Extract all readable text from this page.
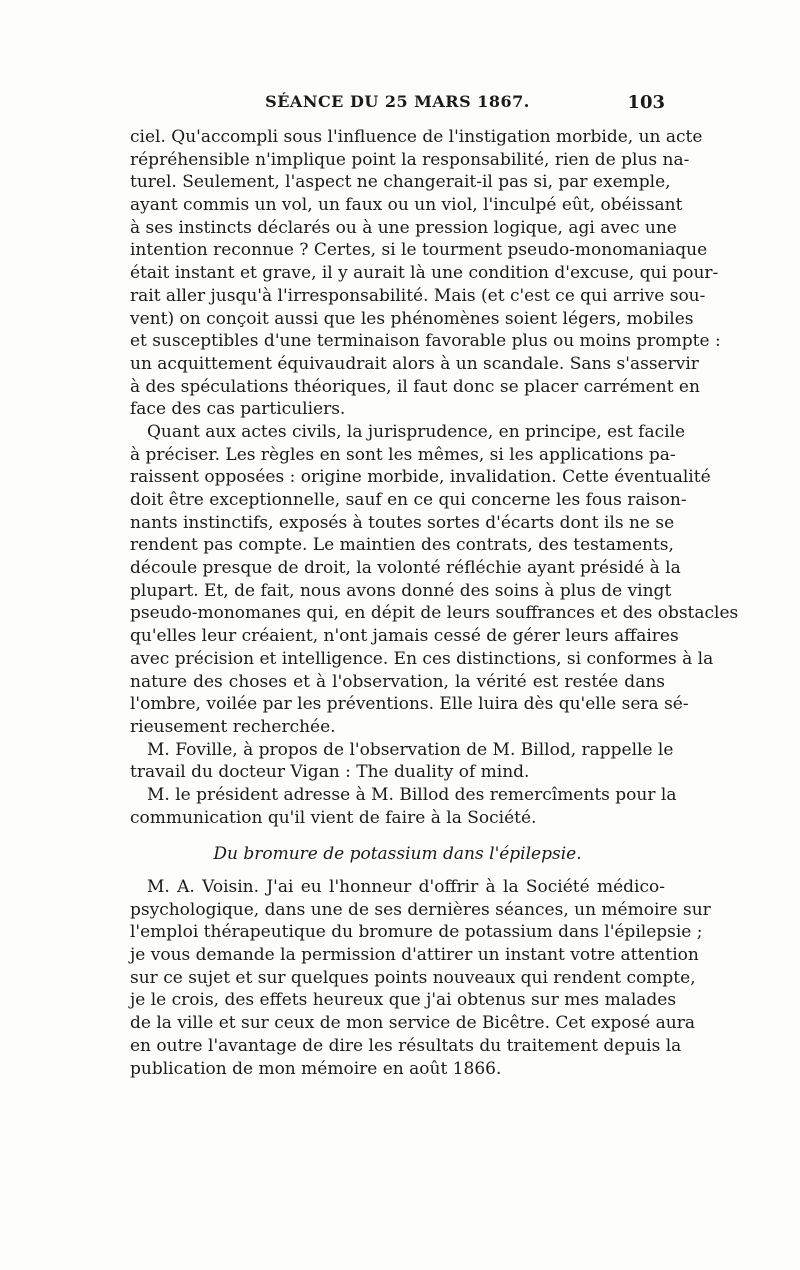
SÉANCE DU 25 MARS 1867.	103
ciel. Qu'accompli sous l'influence de l'instigation morbide, un acte
répréhensible n'implique point la responsabilité, rien de plus na-
turel. Seulement, l'aspect ne changerait-il pas si, par exemple,
ayant commis un vol, un faux ou un viol, l'inculpé eût, obéissant
à ses instincts déclarés ou à une pression logique, agi avec une
intention reconnue ? Certes, si le tourment pseudo-monomaniaque
était instant et grave, il y aurait là une condition d'excuse, qui pour-
rait aller jusqu'à l'irresponsabilité. Mais (et c'est ce qui arrive sou-
vent) on conçoit aussi que les phénomènes soient légers, mobiles
et susceptibles d'une terminaison favorable plus ou moins prompte :
un acquittement équivaudrait alors à un scandale. Sans s'asservir
à des spéculations théoriques, il faut donc se placer carrément en
face des cas particuliers.
Quant aux actes civils, la jurisprudence, en principe, est facile
à préciser. Les règles en sont les mêmes, si les applications pa-
raissent opposées : origine morbide, invalidation. Cette éventualité
doit être exceptionnelle, sauf en ce qui concerne les fous raison-
nants instinctifs, exposés à toutes sortes d'écarts dont ils ne se
rendent pas compte. Le maintien des contrats, des testaments,
découle presque de droit, la volonté réfléchie ayant présidé à la
plupart. Et, de fait, nous avons donné des soins à plus de vingt
pseudo-monomanes qui, en dépit de leurs souffrances et des obstacles
qu'elles leur créaient, n'ont jamais cessé de gérer leurs affaires
avec précision et intelligence. En ces distinctions, si conformes à la
nature des choses et à l'observation, la vérité est restée dans
l'ombre, voilée par les préventions. Elle luira dès qu'elle sera sé-
rieusement recherchée.
M. Foville, à propos de l'observation de M. Billod, rappelle le
travail du docteur Vigan : The duality of mind.
M. le président adresse à M. Billod des remercîments pour la
communication qu'il vient de faire à la Société.
Du bromure de potassium dans l'épilepsie.
M. A. Voisin. J'ai eu l'honneur d'offrir à la Société médico-
psychologique, dans une de ses dernières séances, un mémoire sur
l'emploi thérapeutique du bromure de potassium dans l'épilepsie ;
je vous demande la permission d'attirer un instant votre attention
sur ce sujet et sur quelques points nouveaux qui rendent compte,
je le crois, des effets heureux que j'ai obtenus sur mes malades
de la ville et sur ceux de mon service de Bicêtre. Cet exposé aura
en outre l'avantage de dire les résultats du traitement depuis la
publication de mon mémoire en août 1866.
